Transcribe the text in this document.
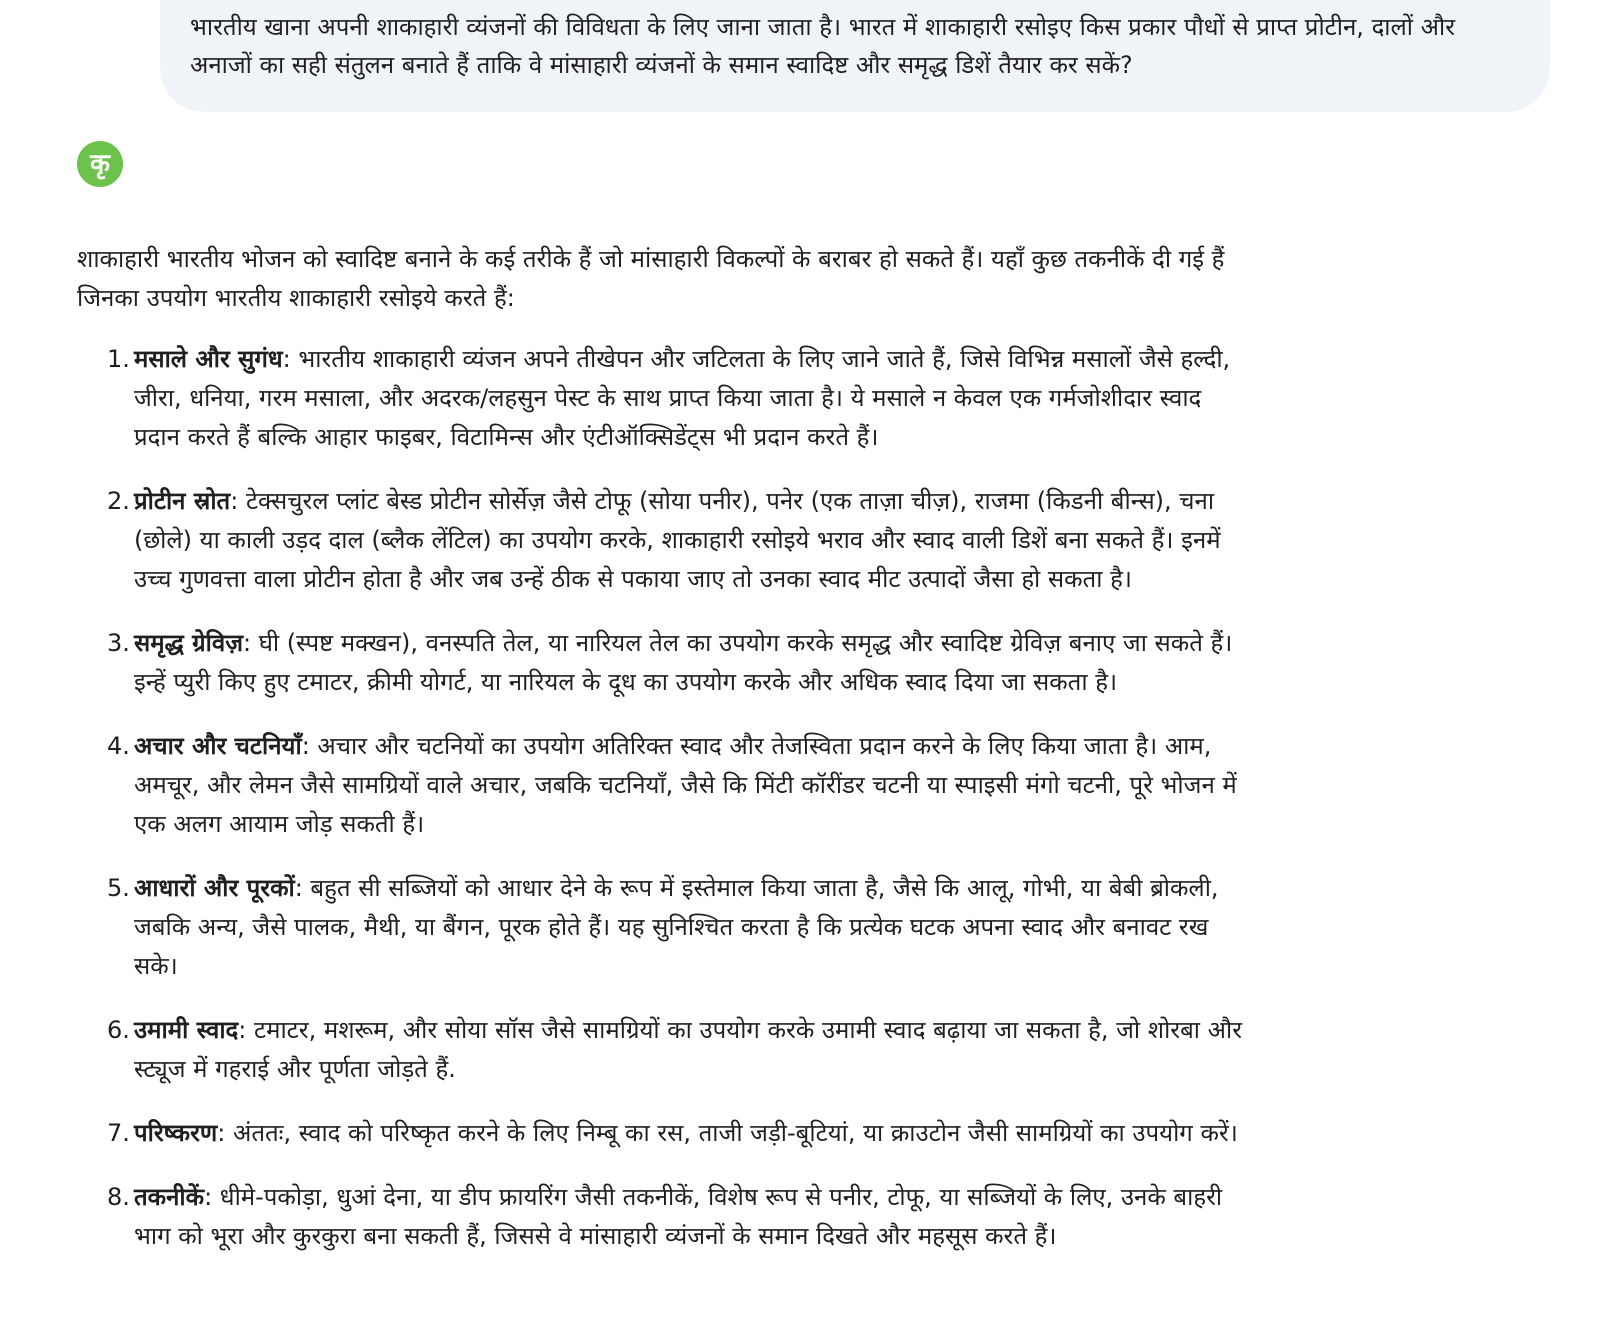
भारतीय खाना अपनी शाकाहारी व्यंजनों की विविधता के लिए जाना जाता है। भारत में शाकाहारी रसोइए किस प्रकार पौधों से प्राप्त प्रोटीन, दालों और अनाजों का सही संतुलन बनाते हैं ताकि वे मांसाहारी व्यंजनों के समान स्वादिष्ट और समृद्ध डिशें तैयार कर सकें?

कृ

शाकाहारी भारतीय भोजन को स्वादिष्ट बनाने के कई तरीके हैं जो मांसाहारी विकल्पों के बराबर हो सकते हैं। यहाँ कुछ तकनीकें दी गई हैं जिनका उपयोग भारतीय शाकाहारी रसोइये करते हैं:

1. मसाले और सुगंध: भारतीय शाकाहारी व्यंजन अपने तीखेपन और जटिलता के लिए जाने जाते हैं, जिसे विभिन्न मसालों जैसे हल्दी, जीरा, धनिया, गरम मसाला, और अदरक/लहसुन पेस्ट के साथ प्राप्त किया जाता है। ये मसाले न केवल एक गर्मजोशीदार स्वाद प्रदान करते हैं बल्कि आहार फाइबर, विटामिन्स और एंटीऑक्सिडेंट्स भी प्रदान करते हैं।
2. प्रोटीन स्रोत: टेक्सचुरल प्लांट बेस्ड प्रोटीन सोर्सेज़ जैसे टोफू (सोया पनीर), पनेर (एक ताज़ा चीज़), राजमा (किडनी बीन्स), चना (छोले) या काली उड़द दाल (ब्लैक लेंटिल) का उपयोग करके, शाकाहारी रसोइये भराव और स्वाद वाली डिशें बना सकते हैं। इनमें उच्च गुणवत्ता वाला प्रोटीन होता है और जब उन्हें ठीक से पकाया जाए तो उनका स्वाद मीट उत्पादों जैसा हो सकता है।
3. समृद्ध ग्रेविज़: घी (स्पष्ट मक्खन), वनस्पति तेल, या नारियल तेल का उपयोग करके समृद्ध और स्वादिष्ट ग्रेविज़ बनाए जा सकते हैं। इन्हें प्युरी किए हुए टमाटर, क्रीमी योगर्ट, या नारियल के दूध का उपयोग करके और अधिक स्वाद दिया जा सकता है।
4. अचार और चटनियाँ: अचार और चटनियों का उपयोग अतिरिक्त स्वाद और तेजस्विता प्रदान करने के लिए किया जाता है। आम, अमचूर, और लेमन जैसे सामग्रियों वाले अचार, जबकि चटनियाँ, जैसे कि मिंटी कॉरींडर चटनी या स्पाइसी मंगो चटनी, पूरे भोजन में एक अलग आयाम जोड़ सकती हैं।
5. आधारों और पूरकों: बहुत सी सब्जियों को आधार देने के रूप में इस्तेमाल किया जाता है, जैसे कि आलू, गोभी, या बेबी ब्रोकली, जबकि अन्य, जैसे पालक, मैथी, या बैंगन, पूरक होते हैं। यह सुनिश्चित करता है कि प्रत्येक घटक अपना स्वाद और बनावट रख सके।
6. उमामी स्वाद: टमाटर, मशरूम, और सोया सॉस जैसे सामग्रियों का उपयोग करके उमामी स्वाद बढ़ाया जा सकता है, जो शोरबा और स्ट्यूज में गहराई और पूर्णता जोड़ते हैं.
7. परिष्करण: अंततः, स्वाद को परिष्कृत करने के लिए निम्बू का रस, ताजी जड़ी-बूटियां, या क्राउटोन जैसी सामग्रियों का उपयोग करें।
8. तकनीकें: धीमे-पकोड़ा, धुआं देना, या डीप फ्रायरिंग जैसी तकनीकें, विशेष रूप से पनीर, टोफू, या सब्जियों के लिए, उनके बाहरी भाग को भूरा और कुरकुरा बना सकती हैं, जिससे वे मांसाहारी व्यंजनों के समान दिखते और महसूस करते हैं।
